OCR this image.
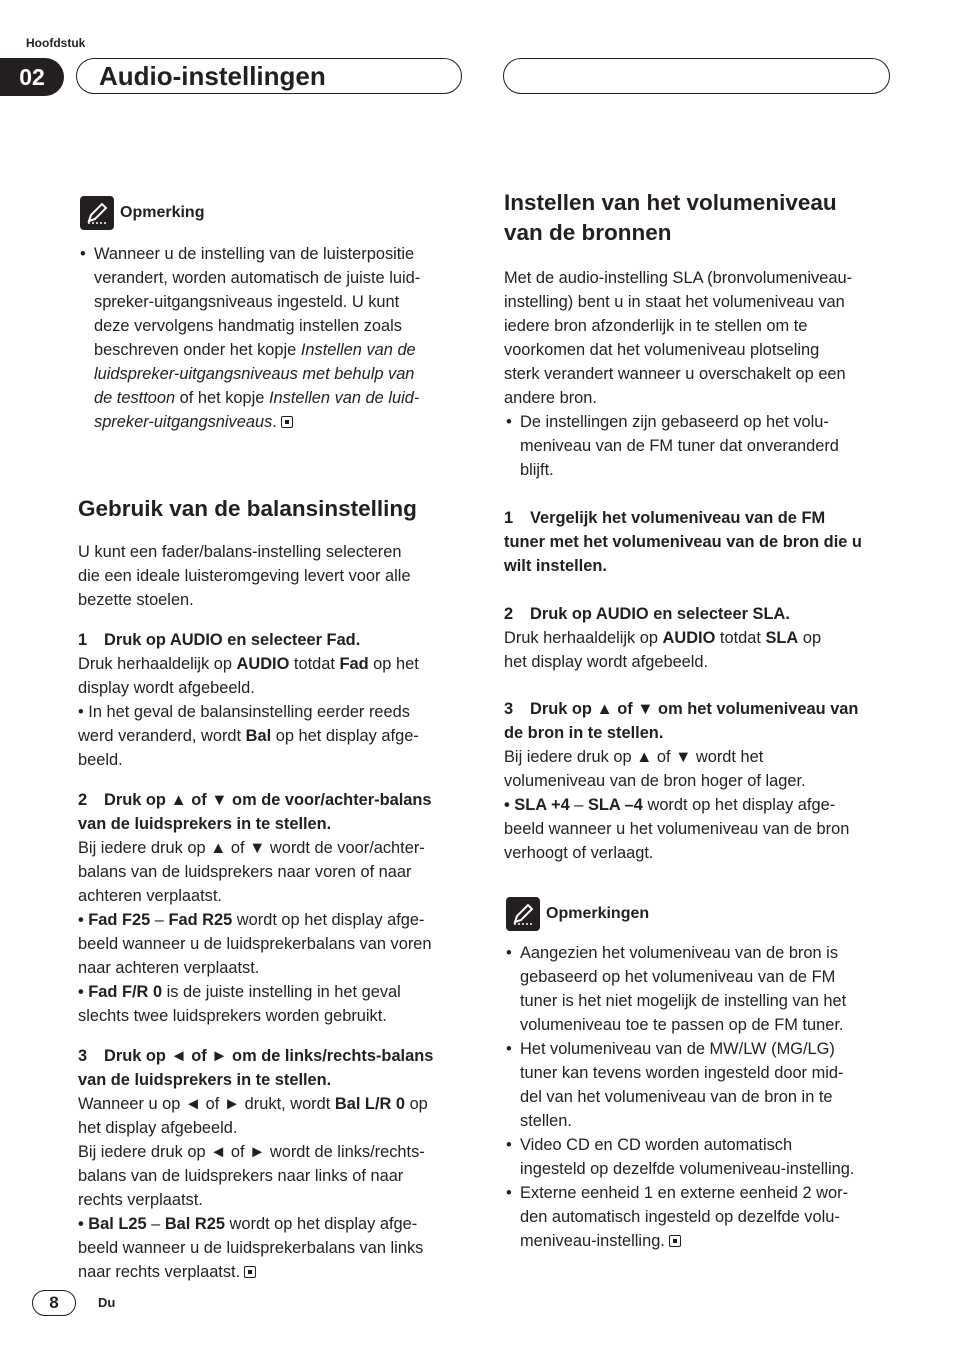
Hoofdstuk
02	Audio-instellingen
Opmerking

• Wanneer u de instelling van de luisterpositie
verandert, worden automatisch de juiste luid-
spreker-uitgangsniveaus ingesteld. U kunt
deze vervolgens handmatig instellen zoals
beschreven onder het kopje Instellen van de
luidspreker-uitgangsniveaus met behulp van
de testtoon of het kopje Instellen van de luid-
spreker-uitgangsniveaus.

Gebruik van de balansinstelling

U kunt een fader/balans-instelling selecteren
die een ideale luisteromgeving levert voor alle
bezette stoelen.

1 Druk op AUDIO en selecteer Fad.

Druk herhaaldelijk op AUDIO totdat Fad op het
display wordt afgebeeld.
• In het geval de balansinstelling eerder reeds
werd veranderd, wordt Bal op het display afge-
beeld.

2 Druk op ▲ of ▼ om de voor/achter-balans
van de luidsprekers in te stellen.

Bij iedere druk op ▲ of ▼ wordt de voor/achter-
balans van de luidsprekers naar voren of naar
achteren verplaatst.
• Fad F25 – Fad R25 wordt op het display afge-
beeld wanneer u de luidsprekerbalans van voren
naar achteren verplaatst.
• Fad F/R 0 is de juiste instelling in het geval
slechts twee luidsprekers worden gebruikt.

3 Druk op ◄ of ► om de links/rechts-balans
van de luidsprekers in te stellen.

Wanneer u op ◄ of ► drukt, wordt Bal L/R 0 op
het display afgebeeld.
Bij iedere druk op ◄ of ► wordt de links/rechts-
balans van de luidsprekers naar links of naar
rechts verplaatst.
• Bal L25 – Bal R25 wordt op het display afge-
beeld wanneer u de luidsprekerbalans van links
naar rechts verplaatst.

Instellen van het volumeniveau
van de bronnen

Met de audio-instelling SLA (bronvolumeniveau-
instelling) bent u in staat het volumeniveau van
iedere bron afzonderlijk in te stellen om te
voorkomen dat het volumeniveau plotseling
sterk verandert wanneer u overschakelt op een
andere bron.

• De instellingen zijn gebaseerd op het volu-
meniveau van de FM tuner dat onveranderd
blijft.

1 Vergelijk het volumeniveau van de FM
tuner met het volumeniveau van de bron die u
wilt instellen.

2 Druk op AUDIO en selecteer SLA.

Druk herhaaldelijk op AUDIO totdat SLA op
het display wordt afgebeeld.

3 Druk op ▲ of ▼ om het volumeniveau van
de bron in te stellen.

Bij iedere druk op ▲ of ▼ wordt het
volumeniveau van de bron hoger of lager.
• SLA +4 – SLA –4 wordt op het display afge-
beeld wanneer u het volumeniveau van de bron
verhoogt of verlaagt.

Opmerkingen

• Aangezien het volumeniveau van de bron is
gebaseerd op het volumeniveau van de FM
tuner is het niet mogelijk de instelling van het
volumeniveau toe te passen op de FM tuner.

• Het volumeniveau van de MW/LW (MG/LG)
tuner kan tevens worden ingesteld door mid-
del van het volumeniveau van de bron in te
stellen.

• Video CD en CD worden automatisch
ingesteld op dezelfde volumeniveau-instelling.

• Externe eenheid 1 en externe eenheid 2 wor-
den automatisch ingesteld op dezelfde volu-
meniveau-instelling.

8	Du
